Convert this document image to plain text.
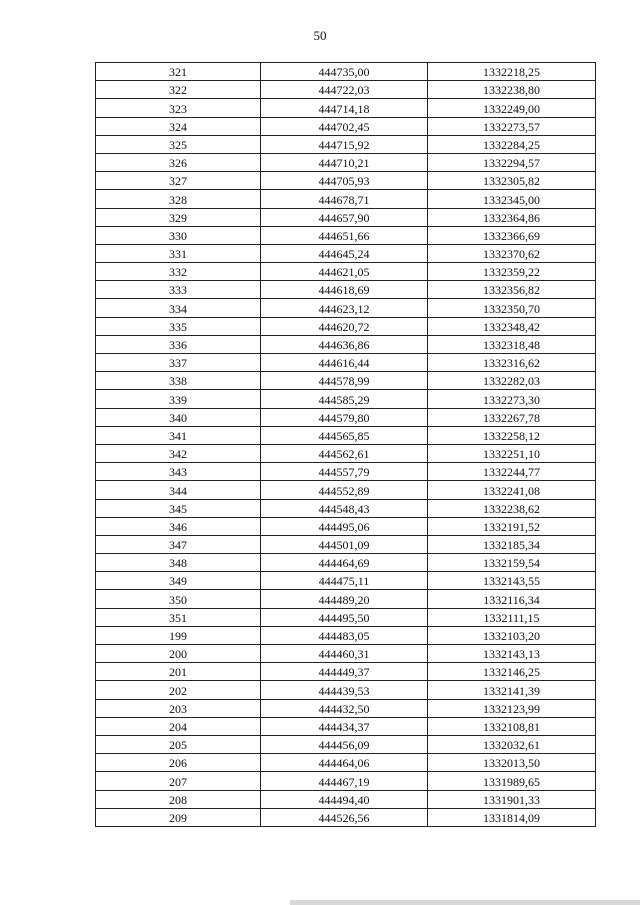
50
321	444735,00	1332218,25
322	444722,03	1332238,80
323	444714,18	1332249,00
324	444702,45	1332273,57
325	444715,92	1332284,25
326	444710,21	1332294,57
327	444705,93	1332305,82
328	444678,71	1332345,00
329	444657,90	1332364,86
330	444651,66	1332366,69
331	444645,24	1332370,62
332	444621,05	1332359,22
333	444618,69	1332356,82
334	444623,12	1332350,70
335	444620,72	1332348,42
336	444636,86	1332318,48
337	444616,44	1332316,62
338	444578,99	1332282,03
339	444585,29	1332273,30
340	444579,80	1332267,78
341	444565,85	1332258,12
342	444562,61	1332251,10
343	444557,79	1332244,77
344	444552,89	1332241,08
345	444548,43	1332238,62
346	444495,06	1332191,52
347	444501,09	1332185,34
348	444464,69	1332159,54
349	444475,11	1332143,55
350	444489,20	1332116,34
351	444495,50	1332111,15
199	444483,05	1332103,20
200	444460,31	1332143,13
201	444449,37	1332146,25
202	444439,53	1332141,39
203	444432,50	1332123,99
204	444434,37	1332108,81
205	444456,09	1332032,61
206	444464,06	1332013,50
207	444467,19	1331989,65
208	444494,40	1331901,33
209	444526,56	1331814,09
